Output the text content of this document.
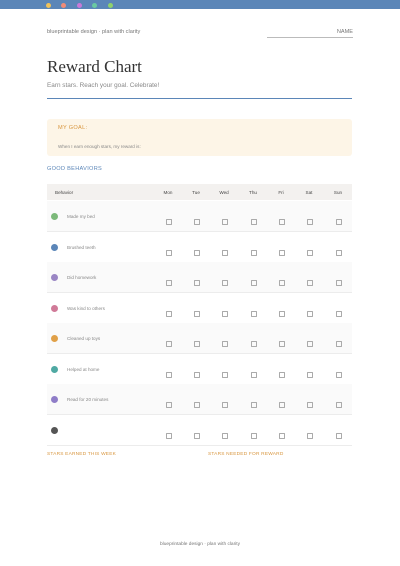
blueprintable design · plan with clarity	NAME
Reward Chart
Earn stars. Reach your goal. Celebrate!
MY GOAL:
When I earn enough stars, my reward is:
GOOD BEHAVIORS
Behavior	Mon	Tue	Wed	Thu	Fri	Sat	Sun
Made my bed
Brushed teeth
Did homework
Was kind to others
Cleaned up toys
Helped at home
Read for 20 minutes
STARS EARNED THIS WEEK	STARS NEEDED FOR REWARD
blueprintable design · plan with clarity
